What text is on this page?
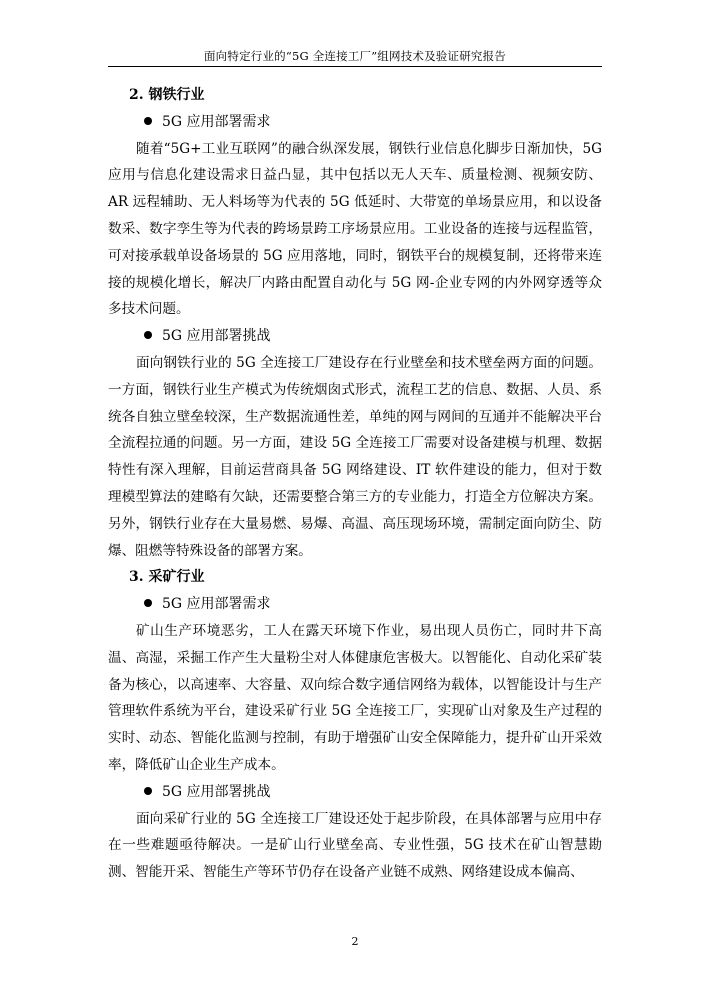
面向特定行业的“5G 全连接工厂”组网技术及验证研究报告
2. 钢铁行业
5G 应用部署需求

随着“5G+工业互联网”的融合纵深发展，钢铁行业信息化脚步日渐加快，5G应用与信息化建设需求日益凸显，其中包括以无人天车、质量检测、视频安防、AR 远程辅助、无人料场等为代表的 5G 低延时、大带宽的单场景应用，和以设备数采、数字孪生等为代表的跨场景跨工序场景应用。工业设备的连接与远程监管，可对接承载单设备场景的 5G 应用落地，同时，钢铁平台的规模复制，还将带来连接的规模化增长，解决厂内路由配置自动化与 5G 网-企业专网的内外网穿透等众多技术问题。

5G 应用部署挑战

面向钢铁行业的 5G 全连接工厂建设存在行业壁垒和技术壁垒两方面的问题。一方面，钢铁行业生产模式为传统烟囱式形式，流程工艺的信息、数据、人员、系统各自独立壁垒较深，生产数据流通性差，单纯的网与网间的互通并不能解决平台全流程拉通的问题。另一方面，建设 5G 全连接工厂需要对设备建模与机理、数据特性有深入理解，目前运营商具备 5G 网络建设、IT 软件建设的能力，但对于数理模型算法的建略有欠缺，还需要整合第三方的专业能力，打造全方位解决方案。另外，钢铁行业存在大量易燃、易爆、高温、高压现场环境，需制定面向防尘、防爆、阻燃等特殊设备的部署方案。

3. 采矿行业
5G 应用部署需求

矿山生产环境恶劣，工人在露天环境下作业，易出现人员伤亡，同时井下高温、高湿，采掘工作产生大量粉尘对人体健康危害极大。以智能化、自动化采矿装备为核心，以高速率、大容量、双向综合数字通信网络为载体，以智能设计与生产管理软件系统为平台，建设采矿行业 5G 全连接工厂，实现矿山对象及生产过程的实时、动态、智能化监测与控制，有助于增强矿山安全保障能力，提升矿山开采效率，降低矿山企业生产成本。

5G 应用部署挑战

面向采矿行业的 5G 全连接工厂建设还处于起步阶段，在具体部署与应用中存在一些难题亟待解决。一是矿山行业壁垒高、专业性强，5G 技术在矿山智慧勘测、智能开采、智能生产等环节仍存在设备产业链不成熟、网络建设成本偏高、

2
